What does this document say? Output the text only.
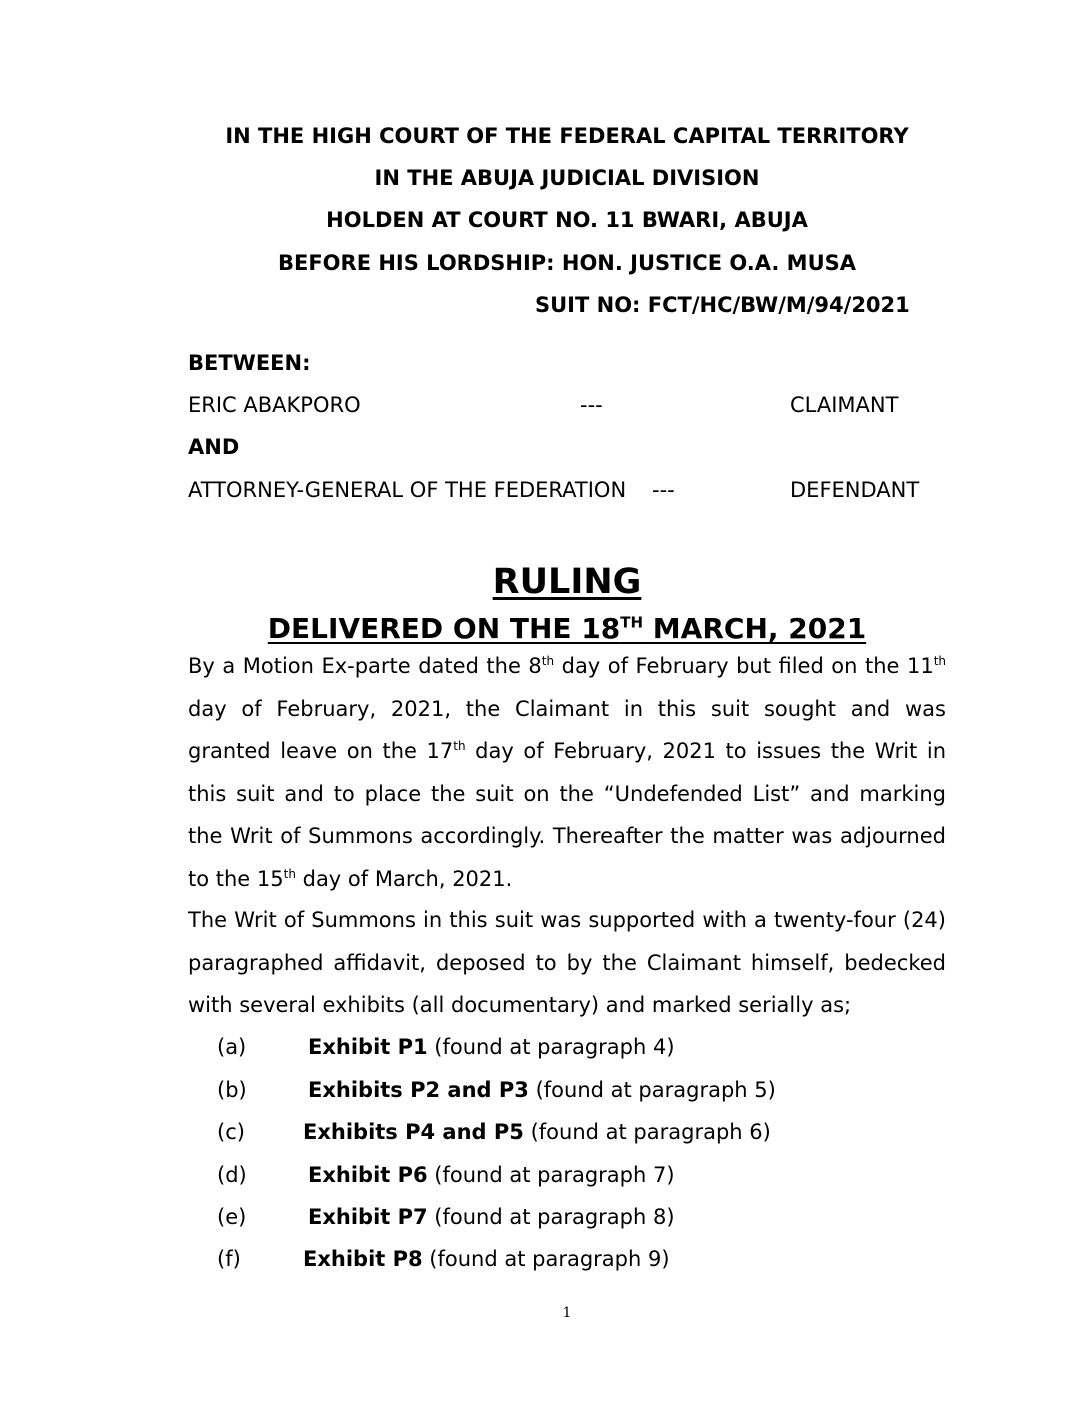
IN THE HIGH COURT OF THE FEDERAL CAPITAL TERRITORY
IN THE ABUJA JUDICIAL DIVISION
HOLDEN AT COURT NO. 11 BWARI, ABUJA
BEFORE HIS LORDSHIP: HON. JUSTICE O.A. MUSA
SUIT NO: FCT/HC/BW/M/94/2021
BETWEEN:
ERIC ABAKPORO	---	CLAIMANT
AND
ATTORNEY-GENERAL OF THE FEDERATION ---	DEFENDANT
RULING
DELIVERED ON THE 18TH MARCH, 2021
By a Motion Ex-parte dated the 8th day of February but filed on the 11th day of February, 2021, the Claimant in this suit sought and was granted leave on the 17th day of February, 2021 to issues the Writ in this suit and to place the suit on the “Undefended List” and marking the Writ of Summons accordingly. Thereafter the matter was adjourned to the 15th day of March, 2021.
The Writ of Summons in this suit was supported with a twenty-four (24) paragraphed affidavit, deposed to by the Claimant himself, bedecked with several exhibits (all documentary) and marked serially as;
(a)	Exhibit P1 (found at paragraph 4)
(b)	Exhibits P2 and P3 (found at paragraph 5)
(c)	Exhibits P4 and P5 (found at paragraph 6)
(d)	Exhibit P6 (found at paragraph 7)
(e)	Exhibit P7 (found at paragraph 8)
(f)	Exhibit P8 (found at paragraph 9)
1
